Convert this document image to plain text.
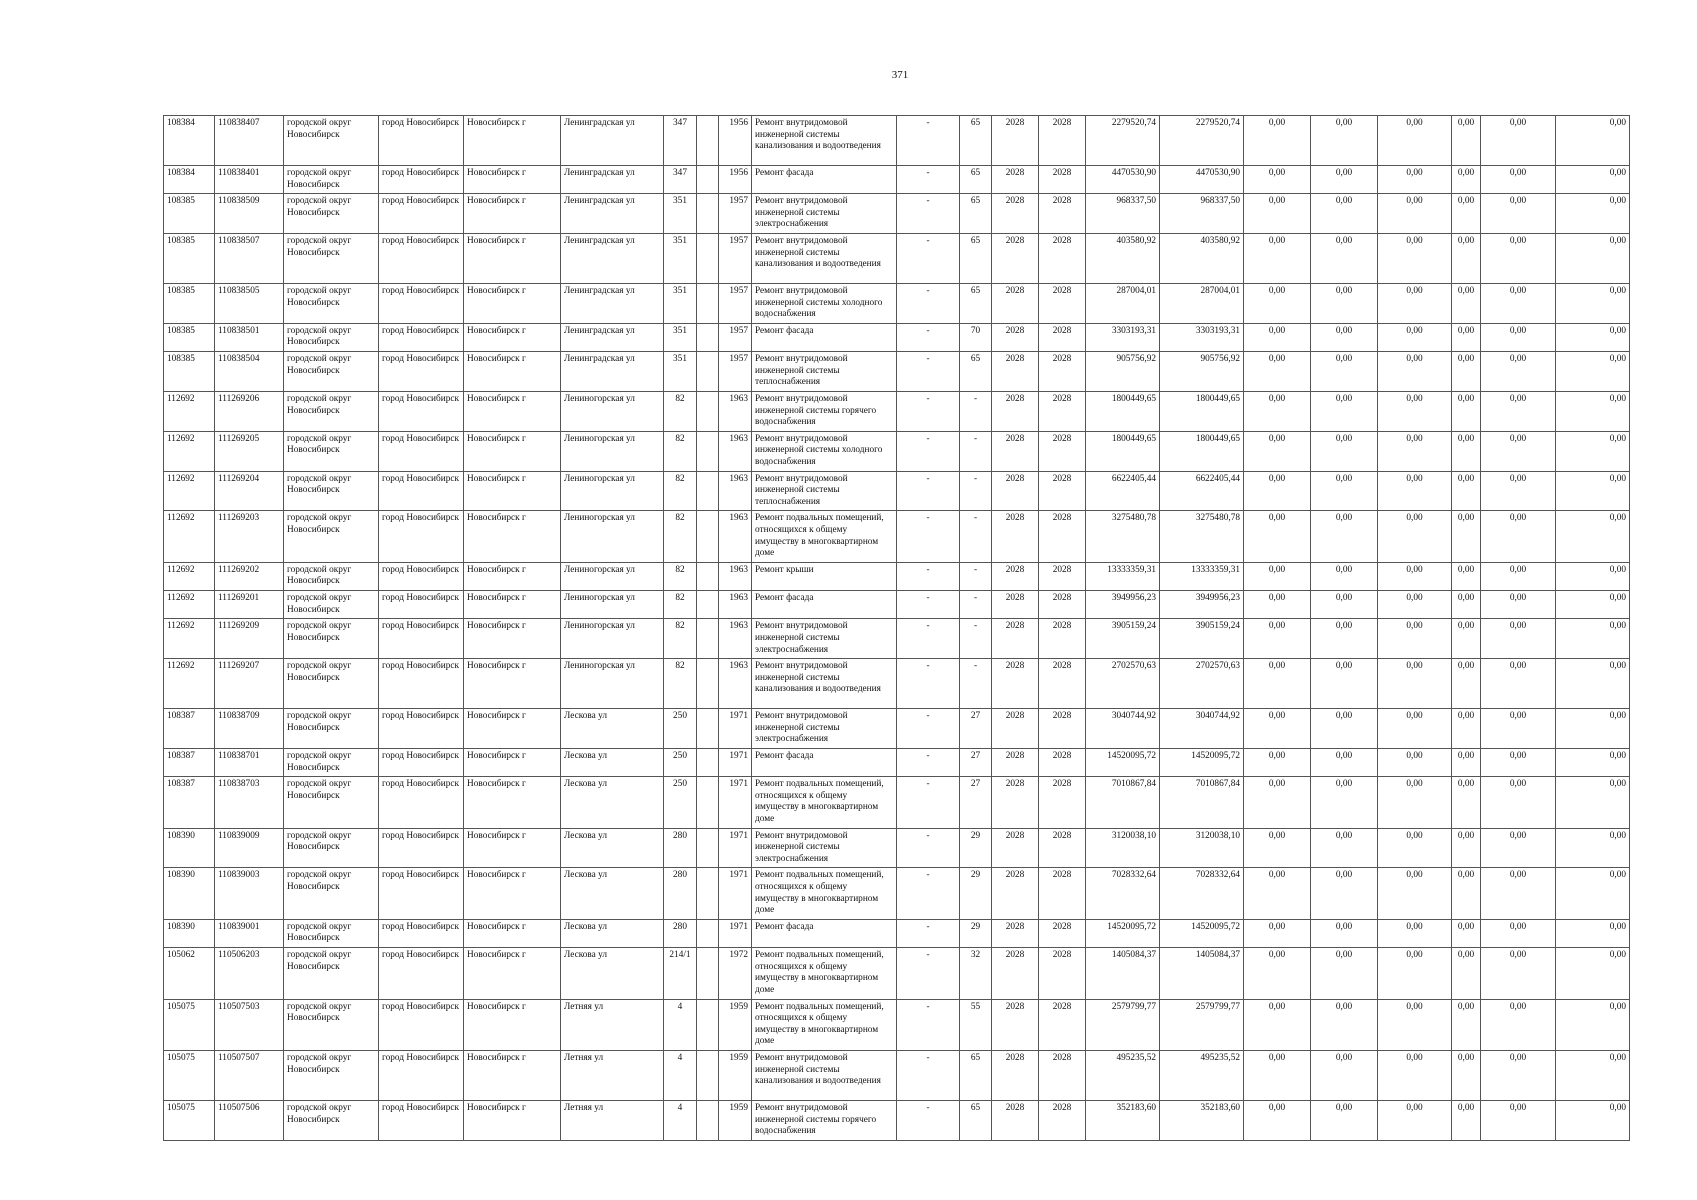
371
108384	110838407	городской округ Новосибирск	город Новосибирск	Новосибирск г	Ленинградская ул	347		1956	Ремонт внутридомовой инженерной системы канализования и водоотведения	-	65	2028	2028	2279520,74	2279520,74	0,00	0,00	0,00	0,00	0,00	0,00
108384	110838401	городской округ Новосибирск	город Новосибирск	Новосибирск г	Ленинградская ул	347		1956	Ремонт фасада	-	65	2028	2028	4470530,90	4470530,90	0,00	0,00	0,00	0,00	0,00	0,00
108385	110838509	городской округ Новосибирск	город Новосибирск	Новосибирск г	Ленинградская ул	351		1957	Ремонт внутридомовой инженерной системы электроснабжения	-	65	2028	2028	968337,50	968337,50	0,00	0,00	0,00	0,00	0,00	0,00
108385	110838507	городской округ Новосибирск	город Новосибирск	Новосибирск г	Ленинградская ул	351		1957	Ремонт внутридомовой инженерной системы канализования и водоотведения	-	65	2028	2028	403580,92	403580,92	0,00	0,00	0,00	0,00	0,00	0,00
108385	110838505	городской округ Новосибирск	город Новосибирск	Новосибирск г	Ленинградская ул	351		1957	Ремонт внутридомовой инженерной системы холодного водоснабжения	-	65	2028	2028	287004,01	287004,01	0,00	0,00	0,00	0,00	0,00	0,00
108385	110838501	городской округ Новосибирск	город Новосибирск	Новосибирск г	Ленинградская ул	351		1957	Ремонт фасада	-	70	2028	2028	3303193,31	3303193,31	0,00	0,00	0,00	0,00	0,00	0,00
108385	110838504	городской округ Новосибирск	город Новосибирск	Новосибирск г	Ленинградская ул	351		1957	Ремонт внутридомовой инженерной системы теплоснабжения	-	65	2028	2028	905756,92	905756,92	0,00	0,00	0,00	0,00	0,00	0,00
112692	111269206	городской округ Новосибирск	город Новосибирск	Новосибирск г	Лениногорская ул	82		1963	Ремонт внутридомовой инженерной системы горячего водоснабжения	-	-	2028	2028	1800449,65	1800449,65	0,00	0,00	0,00	0,00	0,00	0,00
112692	111269205	городской округ Новосибирск	город Новосибирск	Новосибирск г	Лениногорская ул	82		1963	Ремонт внутридомовой инженерной системы холодного водоснабжения	-	-	2028	2028	1800449,65	1800449,65	0,00	0,00	0,00	0,00	0,00	0,00
112692	111269204	городской округ Новосибирск	город Новосибирск	Новосибирск г	Лениногорская ул	82		1963	Ремонт внутридомовой инженерной системы теплоснабжения	-	-	2028	2028	6622405,44	6622405,44	0,00	0,00	0,00	0,00	0,00	0,00
112692	111269203	городской округ Новосибирск	город Новосибирск	Новосибирск г	Лениногорская ул	82		1963	Ремонт подвальных помещений, относящихся к общему имуществу в многоквартирном доме	-	-	2028	2028	3275480,78	3275480,78	0,00	0,00	0,00	0,00	0,00	0,00
112692	111269202	городской округ Новосибирск	город Новосибирск	Новосибирск г	Лениногорская ул	82		1963	Ремонт крыши	-	-	2028	2028	13333359,31	13333359,31	0,00	0,00	0,00	0,00	0,00	0,00
112692	111269201	городской округ Новосибирск	город Новосибирск	Новосибирск г	Лениногорская ул	82		1963	Ремонт фасада	-	-	2028	2028	3949956,23	3949956,23	0,00	0,00	0,00	0,00	0,00	0,00
112692	111269209	городской округ Новосибирск	город Новосибирск	Новосибирск г	Лениногорская ул	82		1963	Ремонт внутридомовой инженерной системы электроснабжения	-	-	2028	2028	3905159,24	3905159,24	0,00	0,00	0,00	0,00	0,00	0,00
112692	111269207	городской округ Новосибирск	город Новосибирск	Новосибирск г	Лениногорская ул	82		1963	Ремонт внутридомовой инженерной системы канализования и водоотведения	-	-	2028	2028	2702570,63	2702570,63	0,00	0,00	0,00	0,00	0,00	0,00
108387	110838709	городской округ Новосибирск	город Новосибирск	Новосибирск г	Лескова ул	250		1971	Ремонт внутридомовой инженерной системы электроснабжения	-	27	2028	2028	3040744,92	3040744,92	0,00	0,00	0,00	0,00	0,00	0,00
108387	110838701	городской округ Новосибирск	город Новосибирск	Новосибирск г	Лескова ул	250		1971	Ремонт фасада	-	27	2028	2028	14520095,72	14520095,72	0,00	0,00	0,00	0,00	0,00	0,00
108387	110838703	городской округ Новосибирск	город Новосибирск	Новосибирск г	Лескова ул	250		1971	Ремонт подвальных помещений, относящихся к общему имуществу в многоквартирном доме	-	27	2028	2028	7010867,84	7010867,84	0,00	0,00	0,00	0,00	0,00	0,00
108390	110839009	городской округ Новосибирск	город Новосибирск	Новосибирск г	Лескова ул	280		1971	Ремонт внутридомовой инженерной системы электроснабжения	-	29	2028	2028	3120038,10	3120038,10	0,00	0,00	0,00	0,00	0,00	0,00
108390	110839003	городской округ Новосибирск	город Новосибирск	Новосибирск г	Лескова ул	280		1971	Ремонт подвальных помещений, относящихся к общему имуществу в многоквартирном доме	-	29	2028	2028	7028332,64	7028332,64	0,00	0,00	0,00	0,00	0,00	0,00
108390	110839001	городской округ Новосибирск	город Новосибирск	Новосибирск г	Лескова ул	280		1971	Ремонт фасада	-	29	2028	2028	14520095,72	14520095,72	0,00	0,00	0,00	0,00	0,00	0,00
105062	110506203	городской округ Новосибирск	город Новосибирск	Новосибирск г	Лескова ул	214/1		1972	Ремонт подвальных помещений, относящихся к общему имуществу в многоквартирном доме	-	32	2028	2028	1405084,37	1405084,37	0,00	0,00	0,00	0,00	0,00	0,00
105075	110507503	городской округ Новосибирск	город Новосибирск	Новосибирск г	Летняя ул	4		1959	Ремонт подвальных помещений, относящихся к общему имуществу в многоквартирном доме	-	55	2028	2028	2579799,77	2579799,77	0,00	0,00	0,00	0,00	0,00	0,00
105075	110507507	городской округ Новосибирск	город Новосибирск	Новосибирск г	Летняя ул	4		1959	Ремонт внутридомовой инженерной системы канализования и водоотведения	-	65	2028	2028	495235,52	495235,52	0,00	0,00	0,00	0,00	0,00	0,00
105075	110507506	городской округ Новосибирск	город Новосибирск	Новосибирск г	Летняя ул	4		1959	Ремонт внутридомовой инженерной системы горячего водоснабжения	-	65	2028	2028	352183,60	352183,60	0,00	0,00	0,00	0,00	0,00	0,00
